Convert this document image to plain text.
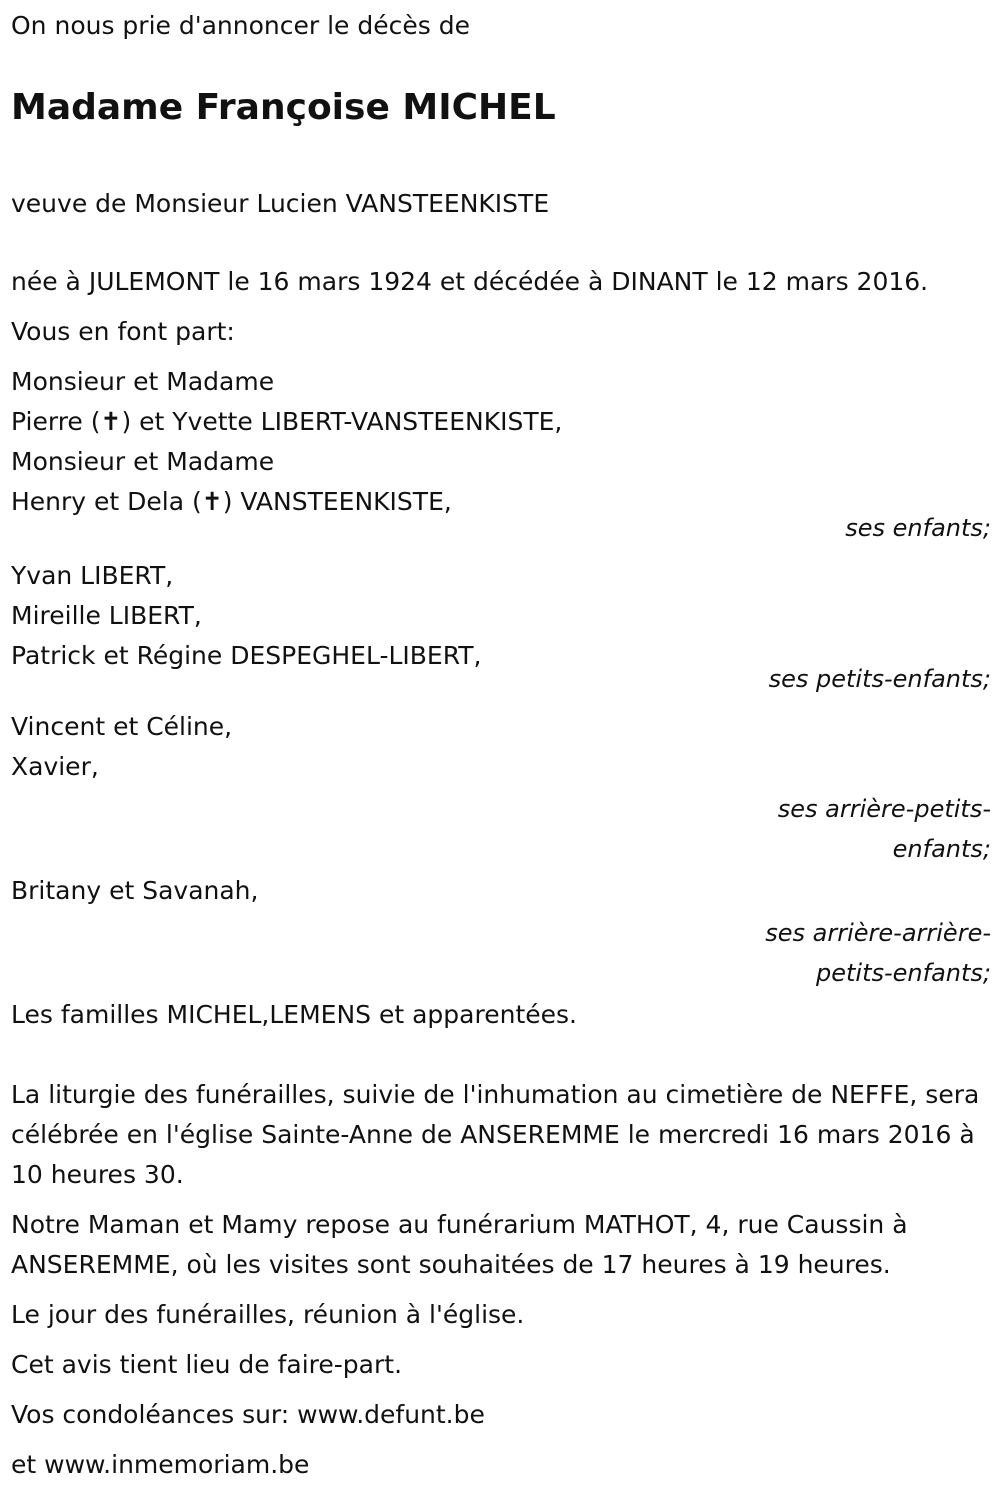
On nous prie d'annoncer le décès de
Madame Françoise MICHEL
veuve de Monsieur Lucien VANSTEENKISTE
née à JULEMONT le 16 mars 1924 et décédée à DINANT le 12 mars 2016.
Vous en font part:
Monsieur et Madame
Pierre (✝) et Yvette LIBERT-VANSTEENKISTE,
Monsieur et Madame
Henry et Dela (✝) VANSTEENKISTE,
ses enfants;
Yvan LIBERT,
Mireille LIBERT,
Patrick et Régine DESPEGHEL-LIBERT,
ses petits-enfants;
Vincent et Céline,
Xavier,
ses arrière-petits-
enfants;
Britany et Savanah,
ses arrière-arrière-
petits-enfants;
Les familles MICHEL,LEMENS et apparentées.
La liturgie des funérailles, suivie de l'inhumation au cimetière de NEFFE, sera célébrée en l'église Sainte-Anne de ANSEREMME le mercredi 16 mars 2016 à 10 heures 30.
Notre Maman et Mamy repose au funérarium MATHOT, 4, rue Caussin à ANSEREMME, où les visites sont souhaitées de 17 heures à 19 heures.
Le jour des funérailles, réunion à l'église.
Cet avis tient lieu de faire-part.
Vos condoléances sur: www.defunt.be
et www.inmemoriam.be
